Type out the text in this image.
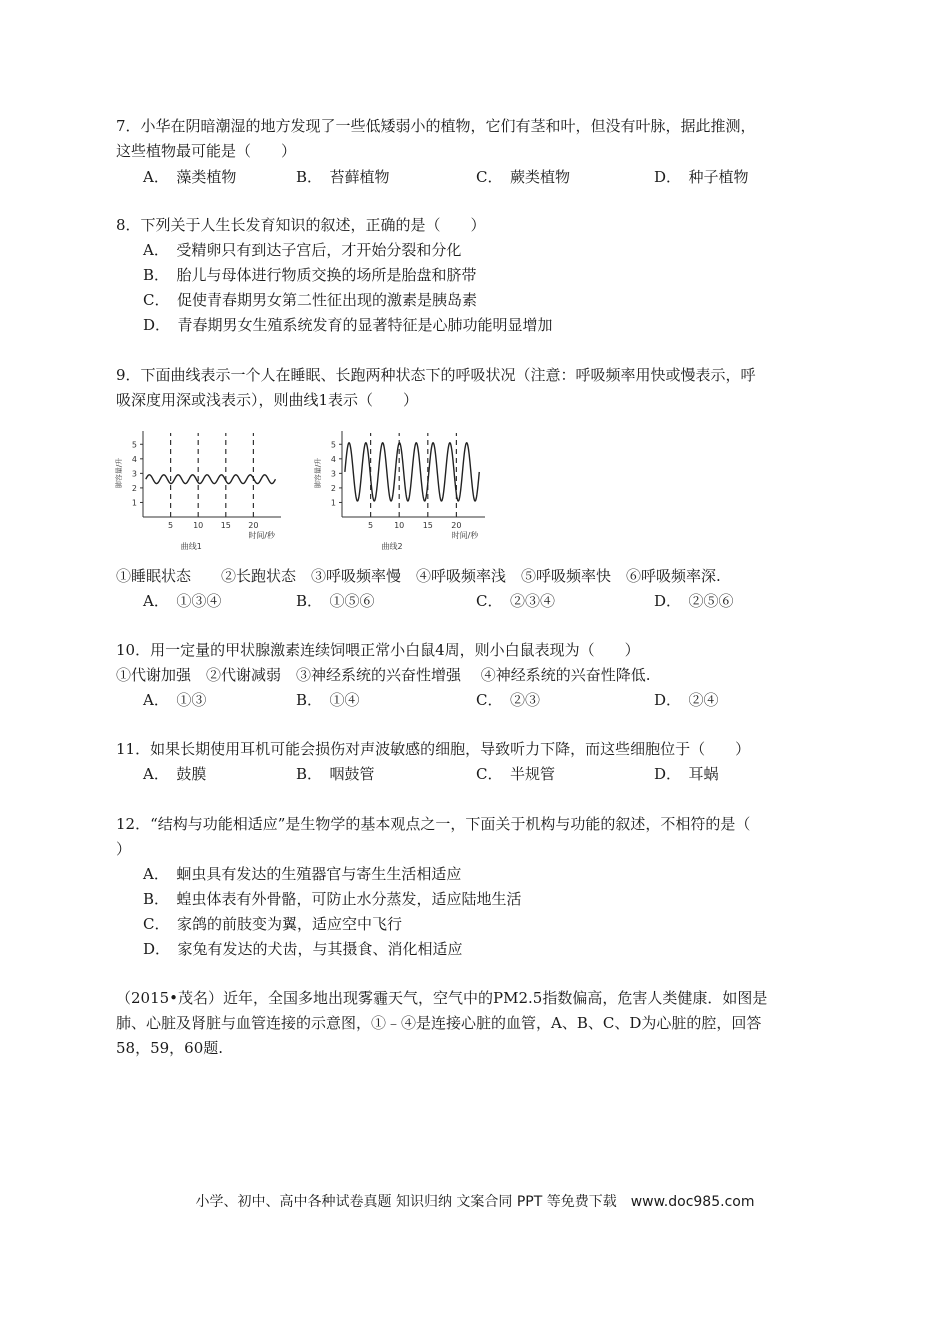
7．小华在阴暗潮湿的地方发现了一些低矮弱小的植物，它们有茎和叶，但没有叶脉，据此推测，
这些植物最可能是（　　）
A．　藻类植物	B．　苔藓植物	C．　蕨类植物	D．　种子植物
8．下列关于人生长发育知识的叙述，正确的是（　　）
A．　受精卵只有到达子宫后，才开始分裂和分化
B．　胎儿与母体进行物质交换的场所是胎盘和脐带
C．　促使青春期男女第二性征出现的激素是胰岛素
D．　青春期男女生殖系统发育的显著特征是心肺功能明显增加
9．下面曲线表示一个人在睡眠、长跑两种状态下的呼吸状况（注意：呼吸频率用快或慢表示，呼
吸深度用深或浅表示），则曲线1表示（　　）
肺容量/升
1
2
3
4
5
5 10 15 20
时间/秒
曲线1
肺容量/升
1
2
3
4
5
5	10 15 20
时间/秒
曲线2
①睡眠状态　　②长跑状态　③呼吸频率慢　④呼吸频率浅　⑤呼吸频率快　⑥呼吸频率深.
A．　①③④	B．　①⑤⑥	C．　②③④	D．　②⑤⑥
10．用一定量的甲状腺激素连续饲喂正常小白鼠4周，则小白鼠表现为（　　）
①代谢加强　②代谢减弱　③神经系统的兴奋性增强　 ④神经系统的兴奋性降低.
A．　①③	B．　①④	C．　②③	D．　②④
11．如果长期使用耳机可能会损伤对声波敏感的细胞，导致听力下降，而这些细胞位于（　　）
A．　鼓膜	B．　咽鼓管	C．　半规管	D．　耳蜗
12．“结构与功能相适应”是生物学的基本观点之一，下面关于机构与功能的叙述，不相符的是（
）
A．　蛔虫具有发达的生殖器官与寄生生活相适应
B．　蝗虫体表有外骨骼，可防止水分蒸发，适应陆地生活
C．　家鸽的前肢变为翼，适应空中飞行
D．　家兔有发达的犬齿，与其摄食、消化相适应
（2015•茂名）近年，全国多地出现雾霾天气，空气中的PM2.5指数偏高，危害人类健康．如图是
肺、心脏及肾脏与血管连接的示意图，①﹣④是连接心脏的血管，A、B、C、D为心脏的腔，回答
58，59，60题.
小学、初中、高中各种试卷真题 知识归纳 文案合同 PPT 等免费下载　www.doc985.com
